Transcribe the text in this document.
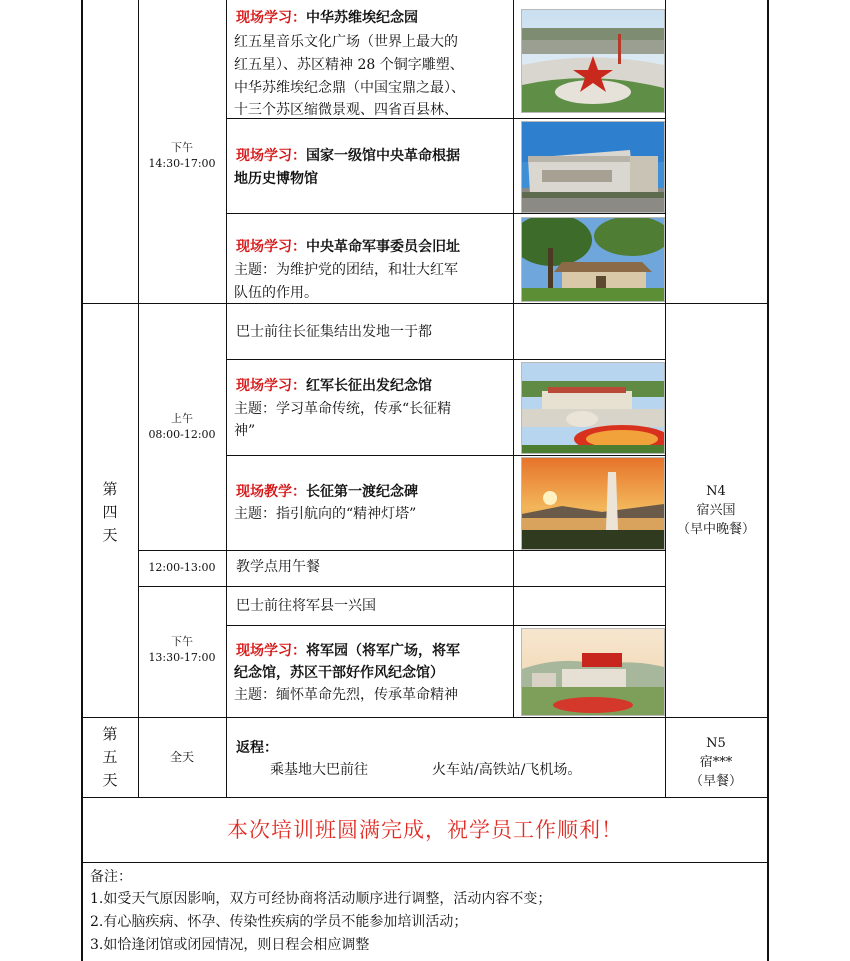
下午
14:30-17:00
现场学习：中华苏维埃纪念园
红五星音乐文化广场（世界上最大的
红五星）、苏区精神 28 个铜字雕塑、
中华苏维埃纪念鼎（中国宝鼎之最）、
十三个苏区缩微景观、四省百县林、
现场学习：国家一级馆中央革命根据
地历史博物馆
现场学习：中央革命军事委员会旧址
主题：为维护党的团结，和壮大红军
队伍的作用。
第
四
天
上午
08:00-12:00
巴士前往长征集结出发地一于都
现场学习：红军长征出发纪念馆
主题：学习革命传统，传承“长征精
神”
现场教学：长征第一渡纪念碑
主题：指引航向的“精神灯塔”
N4
宿兴国
（早中晚餐）
12:00-13:00	教学点用午餐
下午
13:30-17:00
巴士前往将军县一兴国
现场学习：将军园（将军广场，将军
纪念馆，苏区干部好作风纪念馆）
主题：缅怀革命先烈，传承革命精神
第
五
天
全天
返程：
乘基地大巴前往	火车站/高铁站/飞机场。
N5
宿***
（早餐）
本次培训班圆满完成，祝学员工作顺利！
备注：
1.如受天气原因影响，双方可经协商将活动顺序进行调整，活动内容不变；
2.有心脑疾病、怀孕、传染性疾病的学员不能参加培训活动；
3.如恰逢闭馆或闭园情况，则日程会相应调整
